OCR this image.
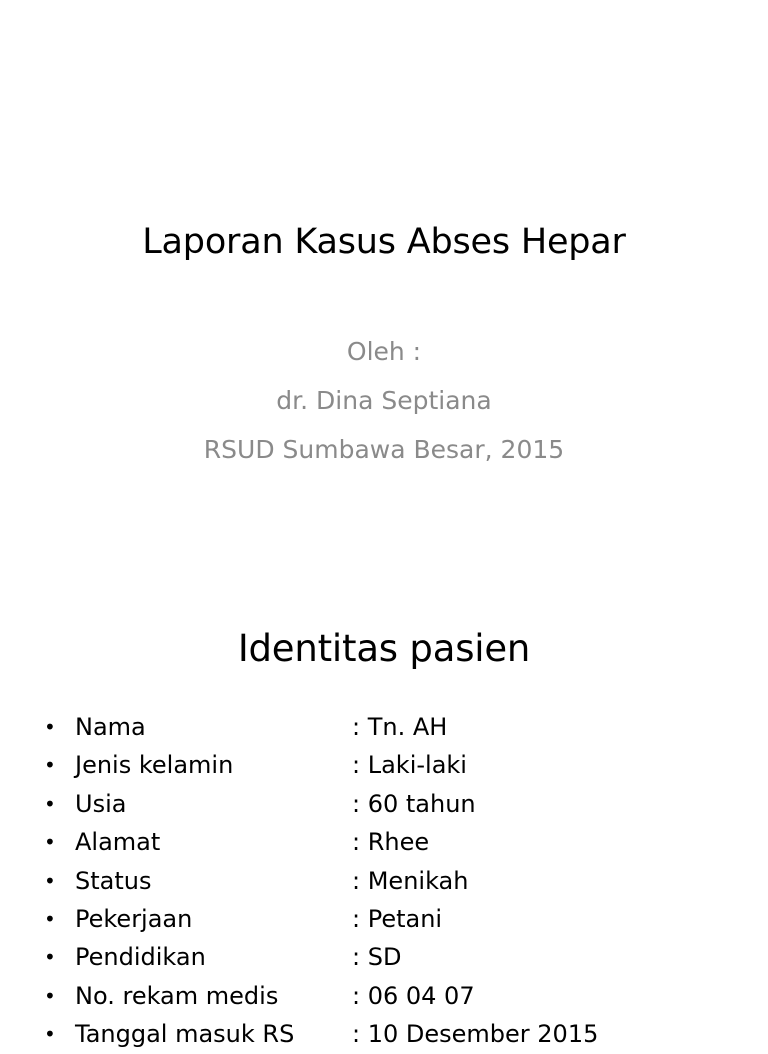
Laporan Kasus Abses Hepar
Oleh :
dr. Dina Septiana
RSUD Sumbawa Besar, 2015
Identitas pasien
• Nama	: Tn. AH
• Jenis kelamin	: Laki-laki
• Usia	: 60 tahun
• Alamat	: Rhee
• Status	: Menikah
• Pekerjaan	: Petani
• Pendidikan	: SD
• No. rekam medis	: 06 04 07
• Tanggal masuk RS : 10 Desember 2015
